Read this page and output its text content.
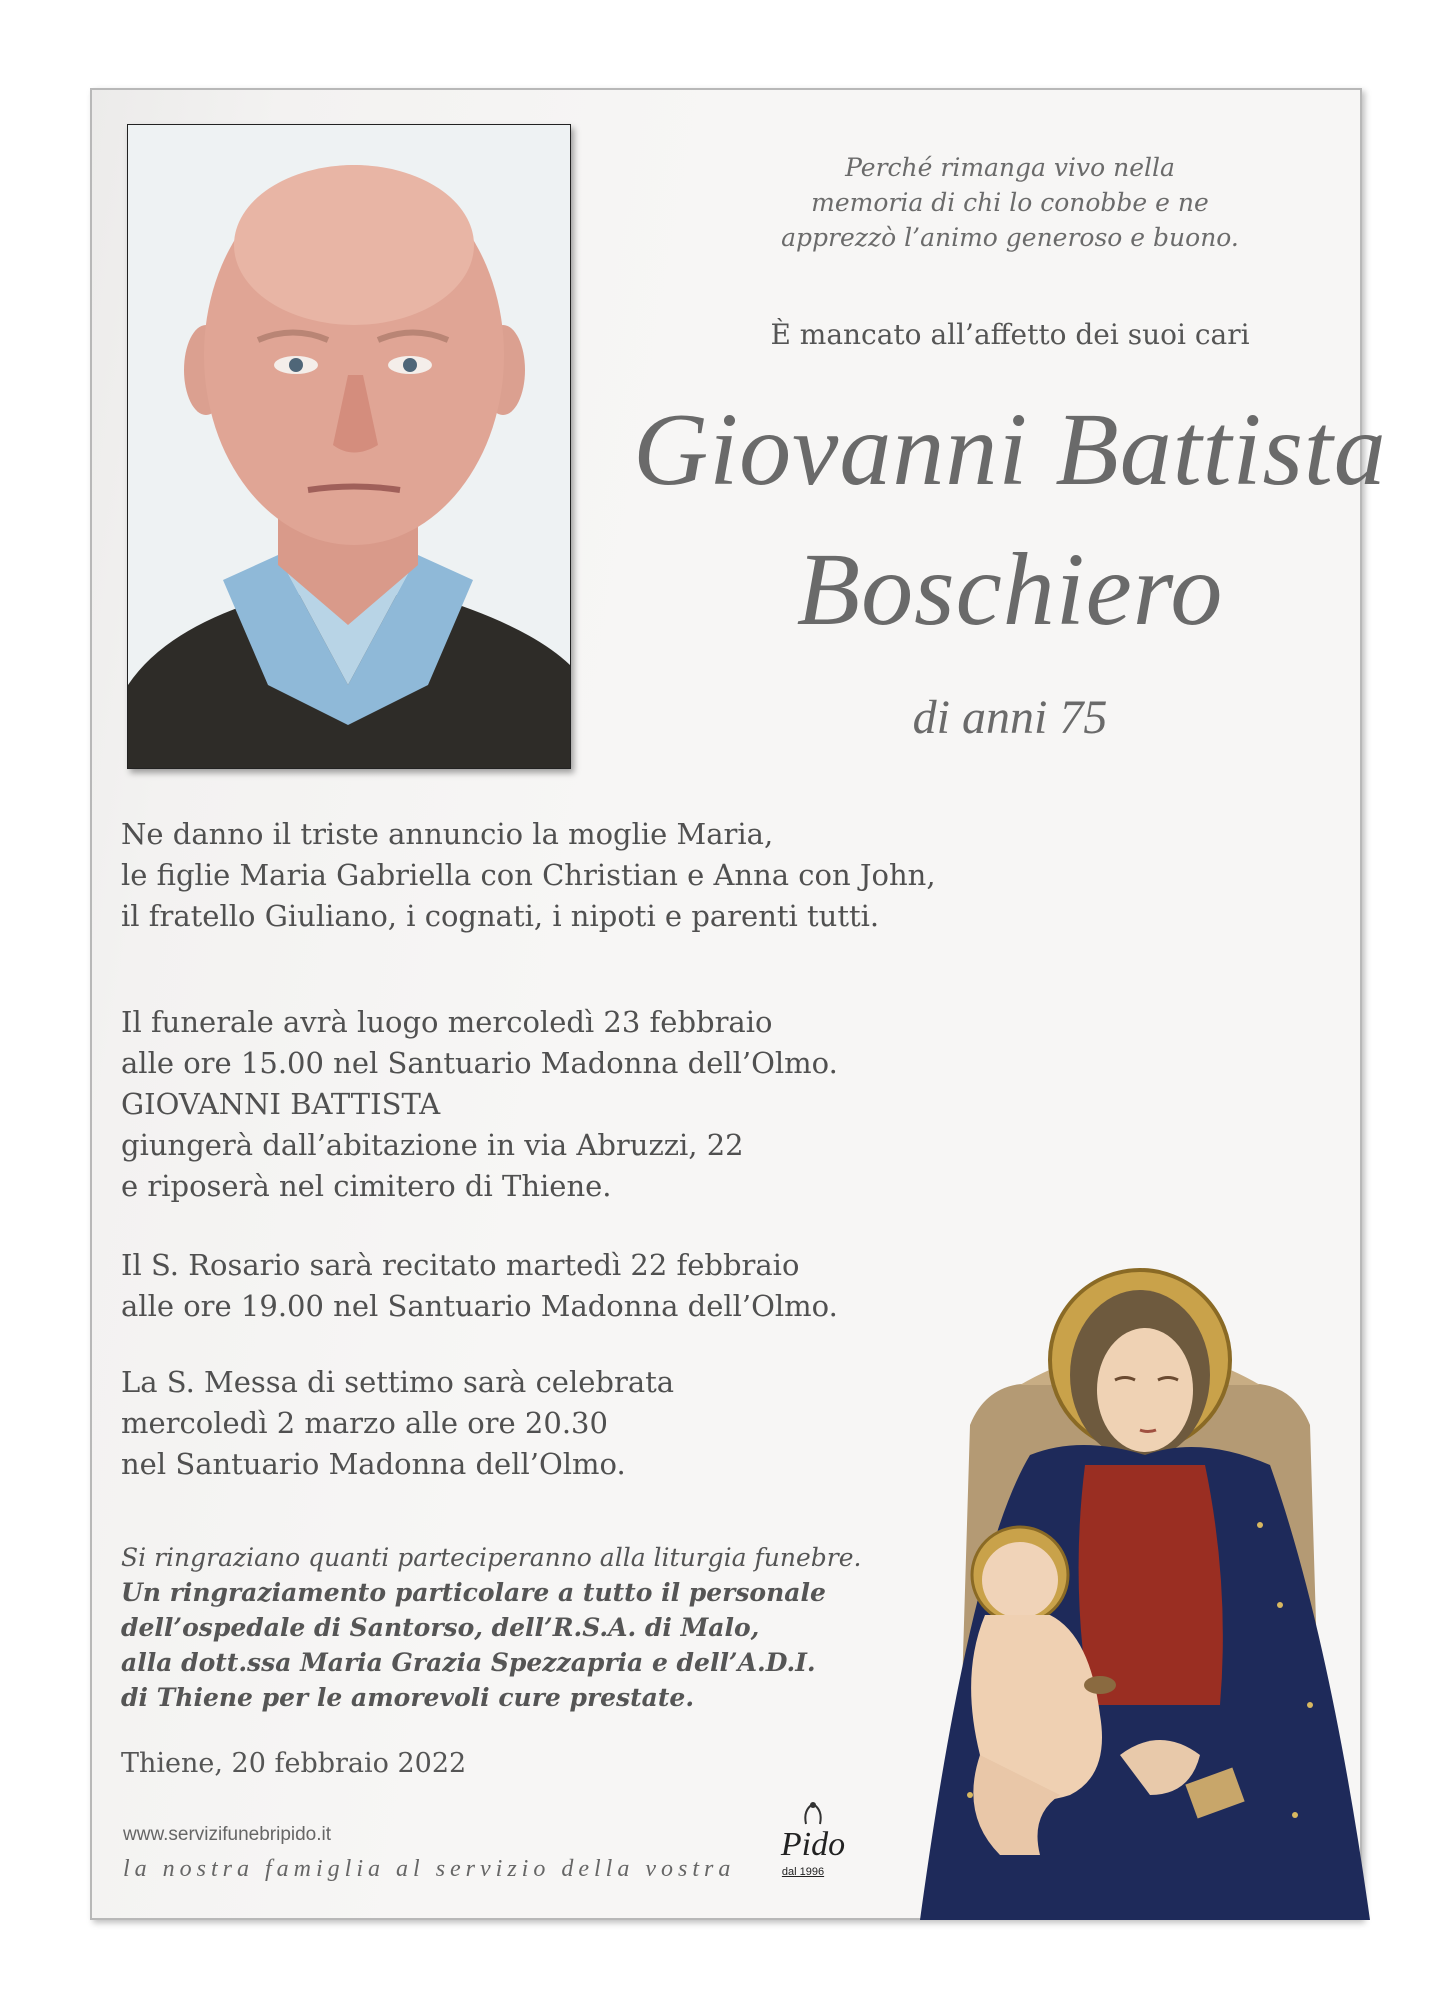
Perché rimanga vivo nella
memoria di chi lo conobbe e ne
apprezzò l’animo generoso e buono.
È mancato all’affetto dei suoi cari
Giovanni Battista
Boschiero
di anni 75
Ne danno il triste annuncio la moglie Maria,
le figlie Maria Gabriella con Christian e Anna con John,
il fratello Giuliano, i cognati, i nipoti e parenti tutti.
Il funerale avrà luogo mercoledì 23 febbraio
alle ore 15.00 nel Santuario Madonna dell’Olmo.
GIOVANNI BATTISTA
giungerà dall’abitazione in via Abruzzi, 22
e riposerà nel cimitero di Thiene.
Il S. Rosario sarà recitato martedì 22 febbraio
alle ore 19.00 nel Santuario Madonna dell’Olmo.
La S. Messa di settimo sarà celebrata
mercoledì 2 marzo alle ore 20.30
nel Santuario Madonna dell’Olmo.
Si ringraziano quanti parteciperanno alla liturgia funebre.
Un ringraziamento particolare a tutto il personale
dell’ospedale di Santorso, dell’R.S.A. di Malo,
alla dott.ssa Maria Grazia Spezzapria e dell’A.D.I.
di Thiene per le amorevoli cure prestate.
Thiene, 20 febbraio 2022
www.servizifunebripido.it
la nostra famiglia al servizio della vostra
Pido
dal 1996
